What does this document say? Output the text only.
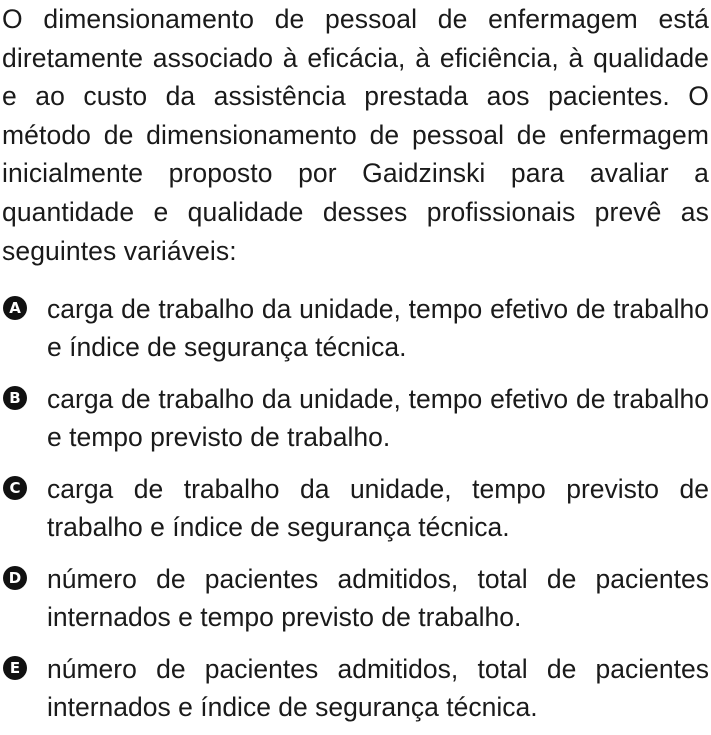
O dimensionamento de pessoal de enfermagem está diretamente associado à eficácia, à eficiência, à qualidade e ao custo da assistência prestada aos pacientes. O método de dimensionamento de pessoal de enfermagem inicialmente proposto por Gaidzinski para avaliar a quantidade e qualidade desses profissionais prevê as seguintes variáveis:

A carga de trabalho da unidade, tempo efetivo de trabalho e índice de segurança técnica.
B carga de trabalho da unidade, tempo efetivo de trabalho e tempo previsto de trabalho.
C carga de trabalho da unidade, tempo previsto de trabalho e índice de segurança técnica.
D número de pacientes admitidos, total de pacientes internados e tempo previsto de trabalho.
E número de pacientes admitidos, total de pacientes internados e índice de segurança técnica.
